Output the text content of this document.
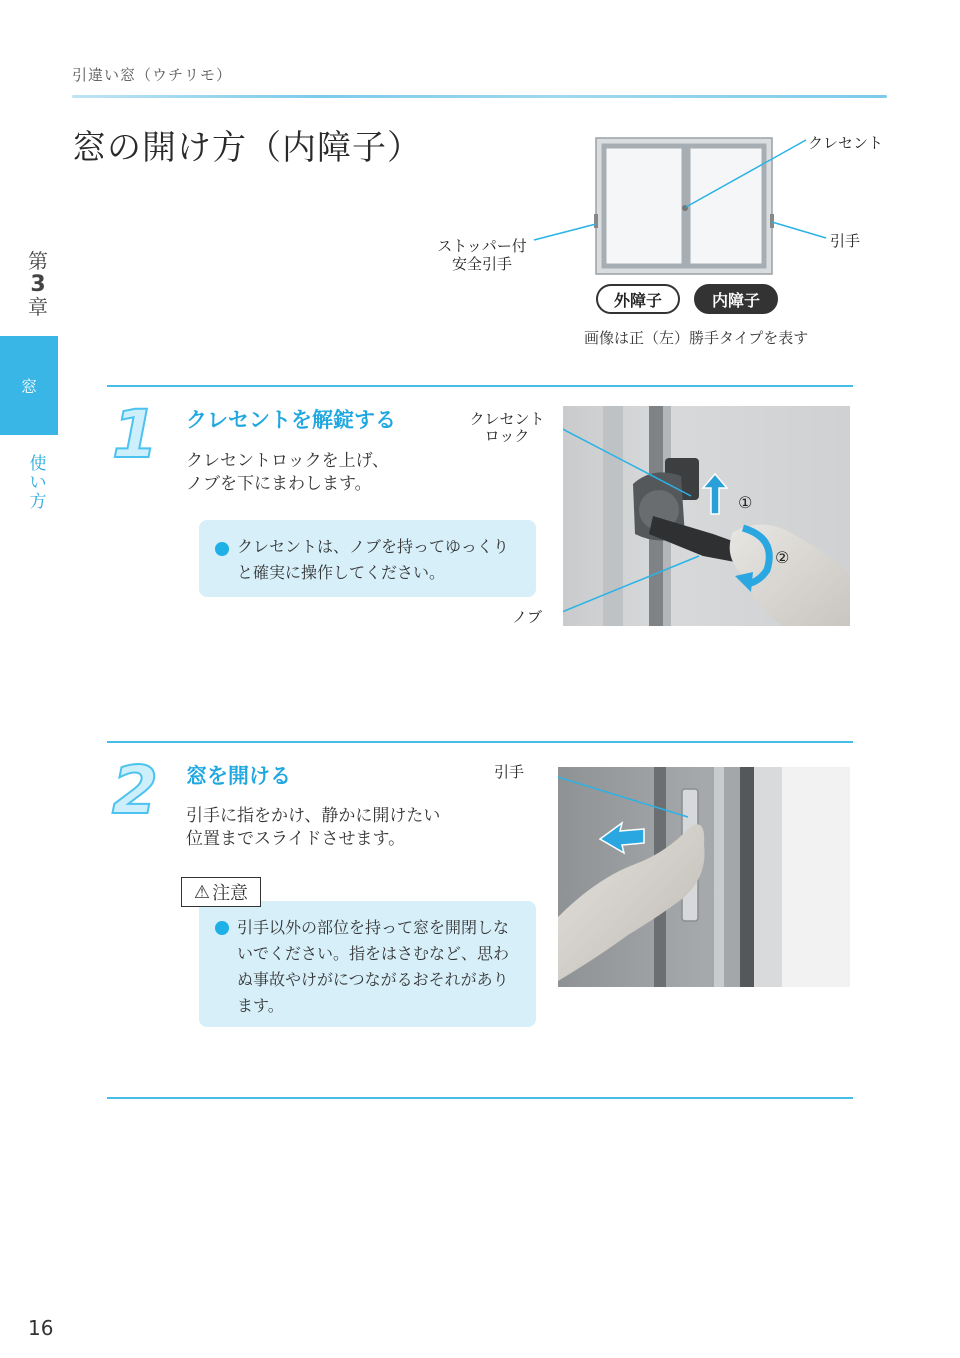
引違い窓（ウチリモ）
窓の開け方（内障子）
第
3
章
窓
使
い
方
クレセント
引手
ストッパー付
安全引手
外障子	内障子
画像は正（左）勝手タイプを表す
1 クレセントを解錠する
クレセントロックを上げ、
ノブを下にまわします。
クレセントは、ノブを持ってゆっくり
と確実に操作してください。
クレセント
ロック
ノブ
①
②
2 窓を開ける
引手に指をかけ、静かに開けたい
位置までスライドさせます。
引手以外の部位を持って窓を開閉しな
いでください。指をはさむなど、思わ
ぬ事故やけがにつながるおそれがあり
ます。
⚠ 注意
引手
16
